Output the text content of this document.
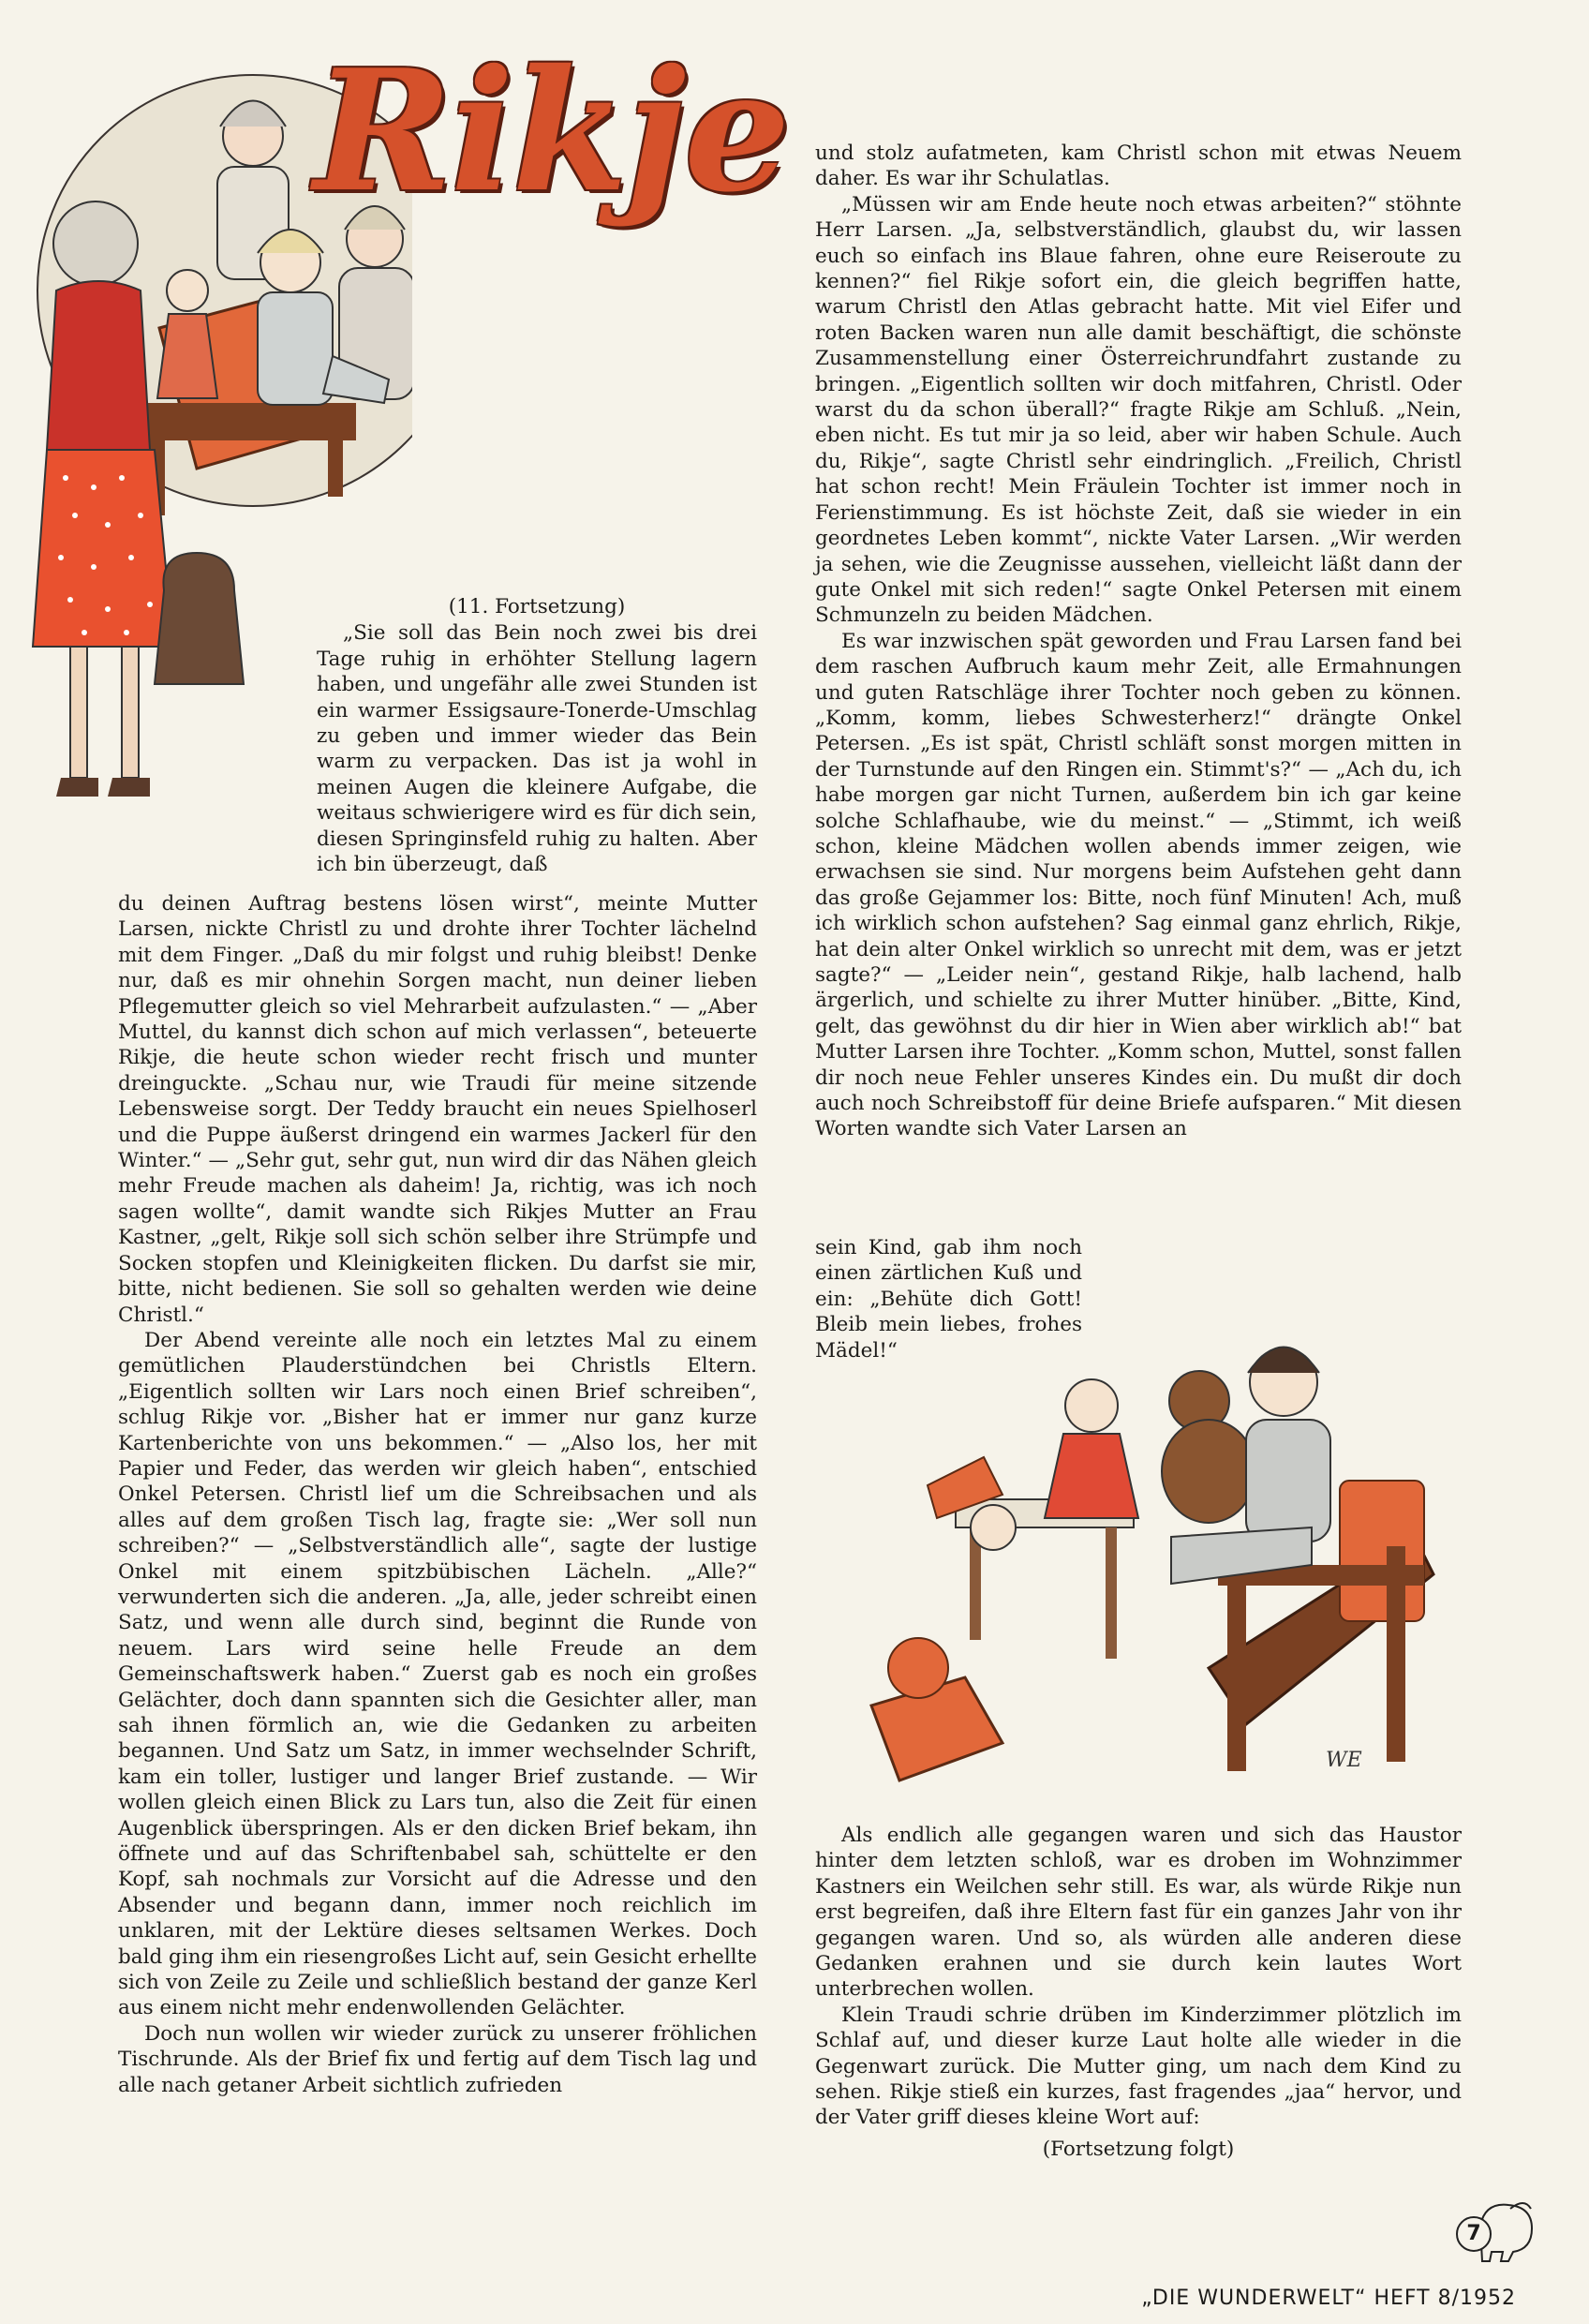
Rikje

(11. Fortsetzung)

„Sie soll das Bein noch zwei bis drei Tage ruhig in erhöhter Stellung lagern haben, und ungefähr alle zwei Stunden ist ein warmer Essigsaure-Tonerde-Umschlag zu geben und immer wieder das Bein warm zu verpacken. Das ist ja wohl in meinen Augen die kleinere Aufgabe, die weitaus schwierigere wird es für dich sein, diesen Springinsfeld ruhig zu halten. Aber ich bin überzeugt, daß

du deinen Auftrag bestens lösen wirst“, meinte Mutter Larsen, nickte Christl zu und drohte ihrer Tochter lächelnd mit dem Finger. „Daß du mir folgst und ruhig bleibst! Denke nur, daß es mir ohnehin Sorgen macht, nun deiner lieben Pflegemutter gleich so viel Mehrarbeit aufzulasten.“ — „Aber Muttel, du kannst dich schon auf mich verlassen“, beteuerte Rikje, die heute schon wieder recht frisch und munter dreinguckte. „Schau nur, wie Traudi für meine sitzende Lebensweise sorgt. Der Teddy braucht ein neues Spielhoserl und die Puppe äußerst dringend ein warmes Jackerl für den Winter.“ — „Sehr gut, sehr gut, nun wird dir das Nähen gleich mehr Freude machen als daheim! Ja, richtig, was ich noch sagen wollte“, damit wandte sich Rikjes Mutter an Frau Kastner, „gelt, Rikje soll sich schön selber ihre Strümpfe und Socken stopfen und Kleinigkeiten flicken. Du darfst sie mir, bitte, nicht bedienen. Sie soll so gehalten werden wie deine Christl.“

Der Abend vereinte alle noch ein letztes Mal zu einem gemütlichen Plauderstündchen bei Christls Eltern. „Eigentlich sollten wir Lars noch einen Brief schreiben“, schlug Rikje vor. „Bisher hat er immer nur ganz kurze Kartenberichte von uns bekommen.“ — „Also los, her mit Papier und Feder, das werden wir gleich haben“, entschied Onkel Petersen. Christl lief um die Schreibsachen und als alles auf dem großen Tisch lag, fragte sie: „Wer soll nun schreiben?“ — „Selbstverständlich alle“, sagte der lustige Onkel mit einem spitzbübischen Lächeln. „Alle?“ verwunderten sich die anderen. „Ja, alle, jeder schreibt einen Satz, und wenn alle durch sind, beginnt die Runde von neuem. Lars wird seine helle Freude an dem Gemeinschaftswerk haben.“ Zuerst gab es noch ein großes Gelächter, doch dann spannten sich die Gesichter aller, man sah ihnen förmlich an, wie die Gedanken zu arbeiten begannen. Und Satz um Satz, in immer wechselnder Schrift, kam ein toller, lustiger und langer Brief zustande. — Wir wollen gleich einen Blick zu Lars tun, also die Zeit für einen Augenblick überspringen. Als er den dicken Brief bekam, ihn öffnete und auf das Schriftenbabel sah, schüttelte er den Kopf, sah nochmals zur Vorsicht auf die Adresse und den Absender und begann dann, immer noch reichlich im unklaren, mit der Lektüre dieses seltsamen Werkes. Doch bald ging ihm ein riesengroßes Licht auf, sein Gesicht erhellte sich von Zeile zu Zeile und schließlich bestand der ganze Kerl aus einem nicht mehr endenwollenden Gelächter.

Doch nun wollen wir wieder zurück zu unserer fröhlichen Tischrunde. Als der Brief fix und fertig auf dem Tisch lag und alle nach getaner Arbeit sichtlich zufrieden

und stolz aufatmeten, kam Christl schon mit etwas Neuem daher. Es war ihr Schulatlas.

„Müssen wir am Ende heute noch etwas arbeiten?“ stöhnte Herr Larsen. „Ja, selbstverständlich, glaubst du, wir lassen euch so einfach ins Blaue fahren, ohne eure Reiseroute zu kennen?“ fiel Rikje sofort ein, die gleich begriffen hatte, warum Christl den Atlas gebracht hatte. Mit viel Eifer und roten Backen waren nun alle damit beschäftigt, die schönste Zusammenstellung einer Österreichrundfahrt zustande zu bringen. „Eigentlich sollten wir doch mitfahren, Christl. Oder warst du da schon überall?“ fragte Rikje am Schluß. „Nein, eben nicht. Es tut mir ja so leid, aber wir haben Schule. Auch du, Rikje“, sagte Christl sehr eindringlich. „Freilich, Christl hat schon recht! Mein Fräulein Tochter ist immer noch in Ferienstimmung. Es ist höchste Zeit, daß sie wieder in ein geordnetes Leben kommt“, nickte Vater Larsen. „Wir werden ja sehen, wie die Zeugnisse aussehen, vielleicht läßt dann der gute Onkel mit sich reden!“ sagte Onkel Petersen mit einem Schmunzeln zu beiden Mädchen.

Es war inzwischen spät geworden und Frau Larsen fand bei dem raschen Aufbruch kaum mehr Zeit, alle Ermahnungen und guten Ratschläge ihrer Tochter noch geben zu können. „Komm, komm, liebes Schwesterherz!“ drängte Onkel Petersen. „Es ist spät, Christl schläft sonst morgen mitten in der Turnstunde auf den Ringen ein. Stimmt's?“ — „Ach du, ich habe morgen gar nicht Turnen, außerdem bin ich gar keine solche Schlafhaube, wie du meinst.“ — „Stimmt, ich weiß schon, kleine Mädchen wollen abends immer zeigen, wie erwachsen sie sind. Nur morgens beim Aufstehen geht dann das große Gejammer los: Bitte, noch fünf Minuten! Ach, muß ich wirklich schon aufstehen? Sag einmal ganz ehrlich, Rikje, hat dein alter Onkel wirklich so unrecht mit dem, was er jetzt sagte?“ — „Leider nein“, gestand Rikje, halb lachend, halb ärgerlich, und schielte zu ihrer Mutter hinüber. „Bitte, Kind, gelt, das gewöhnst du dir hier in Wien aber wirklich ab!“ bat Mutter Larsen ihre Tochter. „Komm schon, Muttel, sonst fallen dir noch neue Fehler unseres Kindes ein. Du mußt dir doch auch noch Schreibstoff für deine Briefe aufsparen.“ Mit diesen Worten wandte sich Vater Larsen an

sein Kind, gab ihm noch einen zärtlichen Kuß und ein: „Behüte dich Gott! Bleib mein liebes, frohes Mädel!“

WE

Als endlich alle gegangen waren und sich das Haustor hinter dem letzten schloß, war es droben im Wohnzimmer Kastners ein Weilchen sehr still. Es war, als würde Rikje nun erst begreifen, daß ihre Eltern fast für ein ganzes Jahr von ihr gegangen waren. Und so, als würden alle anderen diese Gedanken erahnen und sie durch kein lautes Wort unterbrechen wollen.

Klein Traudi schrie drüben im Kinderzimmer plötzlich im Schlaf auf, und dieser kurze Laut holte alle wieder in die Gegenwart zurück. Die Mutter ging, um nach dem Kind zu sehen. Rikje stieß ein kurzes, fast fragendes „jaa“ hervor, und der Vater griff dieses kleine Wort auf:

(Fortsetzung folgt)

7
„DIE WUNDERWELT“ HEFT 8/1952
